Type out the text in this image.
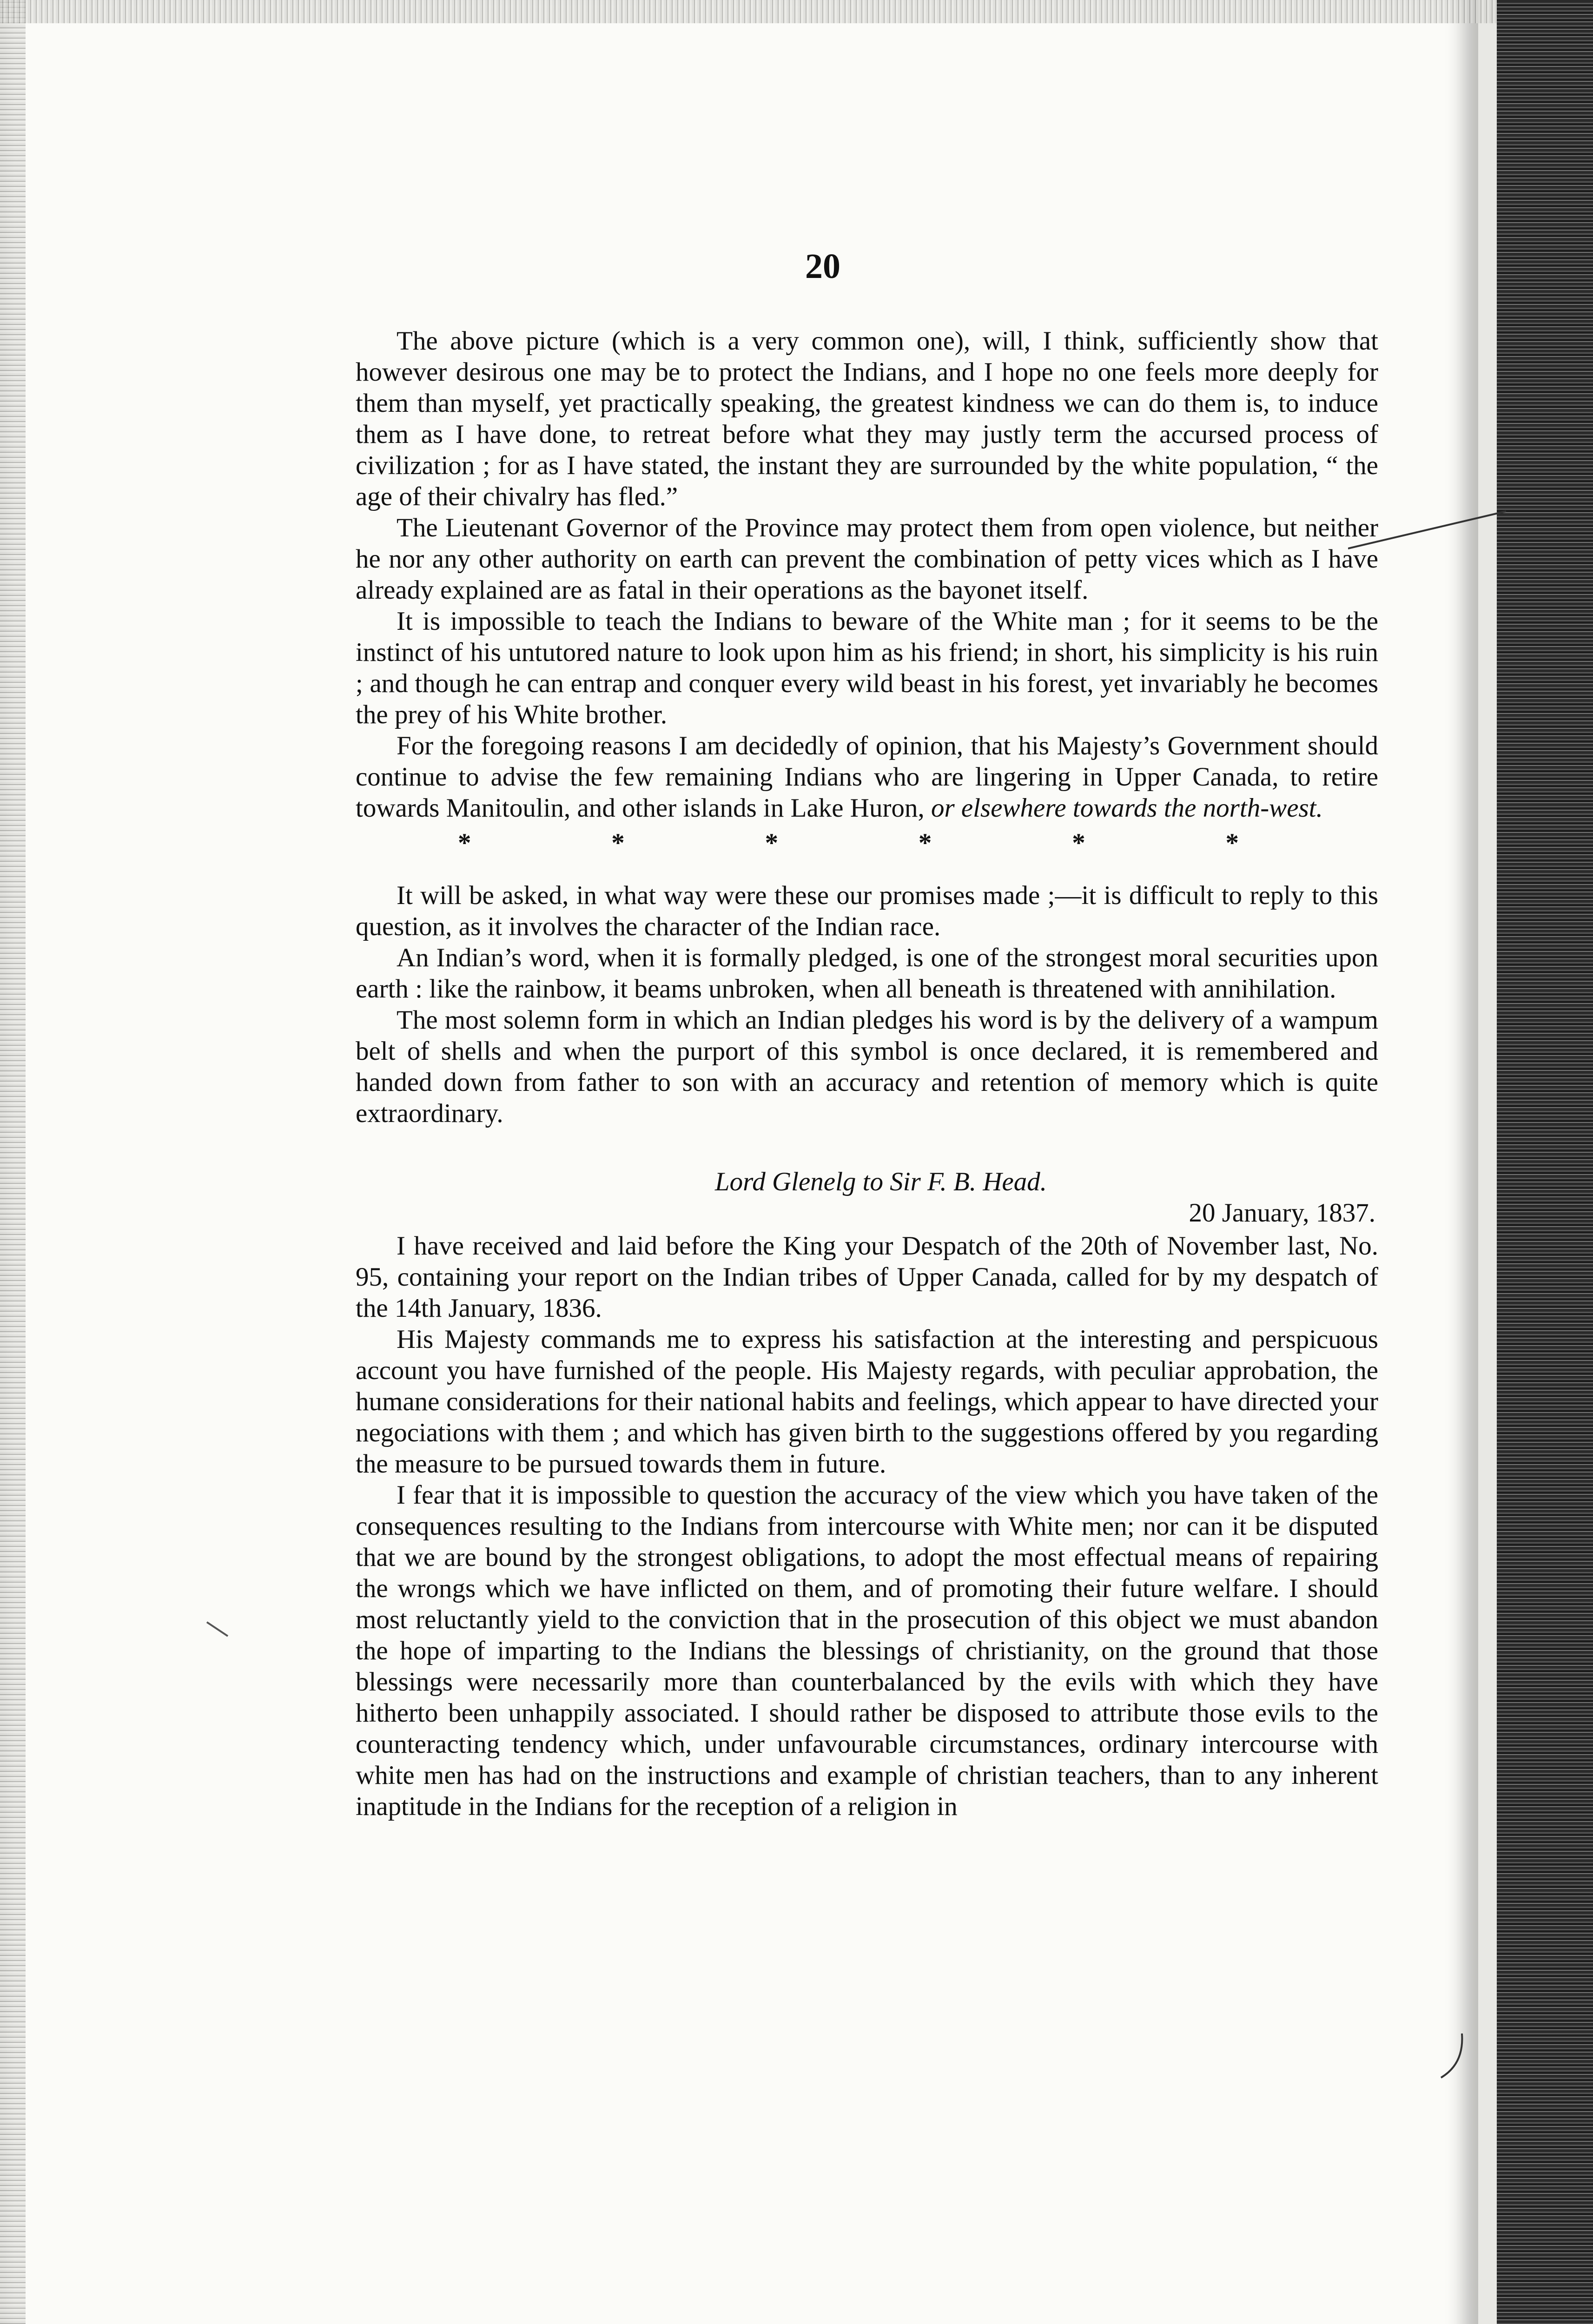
20

The above picture (which is a very common one), will, I think, sufficiently show that however desirous one may be to protect the Indians, and I hope no one feels more deeply for them than myself, yet practically speaking, the greatest kindness we can do them is, to induce them as I have done, to retreat before what they may justly term the accursed process of civilization ; for as I have stated, the instant they are surrounded by the white population, “ the age of their chivalry has fled.”

The Lieutenant Governor of the Province may protect them from open violence, but neither he nor any other authority on earth can prevent the combination of petty vices which as I have already explained are as fatal in their operations as the bayonet itself.

It is impossible to teach the Indians to beware of the White man ; for it seems to be the instinct of his untutored nature to look upon him as his friend; in short, his simplicity is his ruin ; and though he can entrap and conquer every wild beast in his forest, yet invariably he becomes the prey of his White brother.

For the foregoing reasons I am decidedly of opinion, that his Majesty’s Government should continue to advise the few remaining Indians who are lingering in Upper Canada, to retire towards Manitoulin, and other islands in Lake Huron, or elsewhere towards the north-west.

*	*	*	*	*	*

It will be asked, in what way were these our promises made ;—it is difficult to reply to this question, as it involves the character of the Indian race.

An Indian’s word, when it is formally pledged, is one of the strongest moral securities upon earth : like the rainbow, it beams unbroken, when all beneath is threatened with annihilation.

The most solemn form in which an Indian pledges his word is by the delivery of a wampum belt of shells and when the purport of this symbol is once declared, it is remembered and handed down from father to son with an accuracy and retention of memory which is quite extraordinary.

Lord Glenelg to Sir F. B. Head.
20 January, 1837.

I have received and laid before the King your Despatch of the 20th of November last, No. 95, containing your report on the Indian tribes of Upper Canada, called for by my despatch of the 14th January, 1836.

His Majesty commands me to express his satisfaction at the interesting and perspicuous account you have furnished of the people. His Majesty regards, with peculiar approbation, the humane considerations for their national habits and feelings, which appear to have directed your negociations with them ; and which has given birth to the suggestions offered by you regarding the measure to be pursued towards them in future.

I fear that it is impossible to question the accuracy of the view which you have taken of the consequences resulting to the Indians from intercourse with White men; nor can it be disputed that we are bound by the strongest obligations, to adopt the most effectual means of repairing the wrongs which we have inflicted on them, and of promoting their future welfare. I should most reluctantly yield to the conviction that in the prosecution of this object we must abandon the hope of imparting to the Indians the blessings of christianity, on the ground that those blessings were necessarily more than counterbalanced by the evils with which they have hitherto been unhappily associated. I should rather be disposed to attribute those evils to the counteracting tendency which, under unfavourable circumstances, ordinary intercourse with white men has had on the instructions and example of christian teachers, than to any inherent inaptitude in the Indians for the reception of a religion in
